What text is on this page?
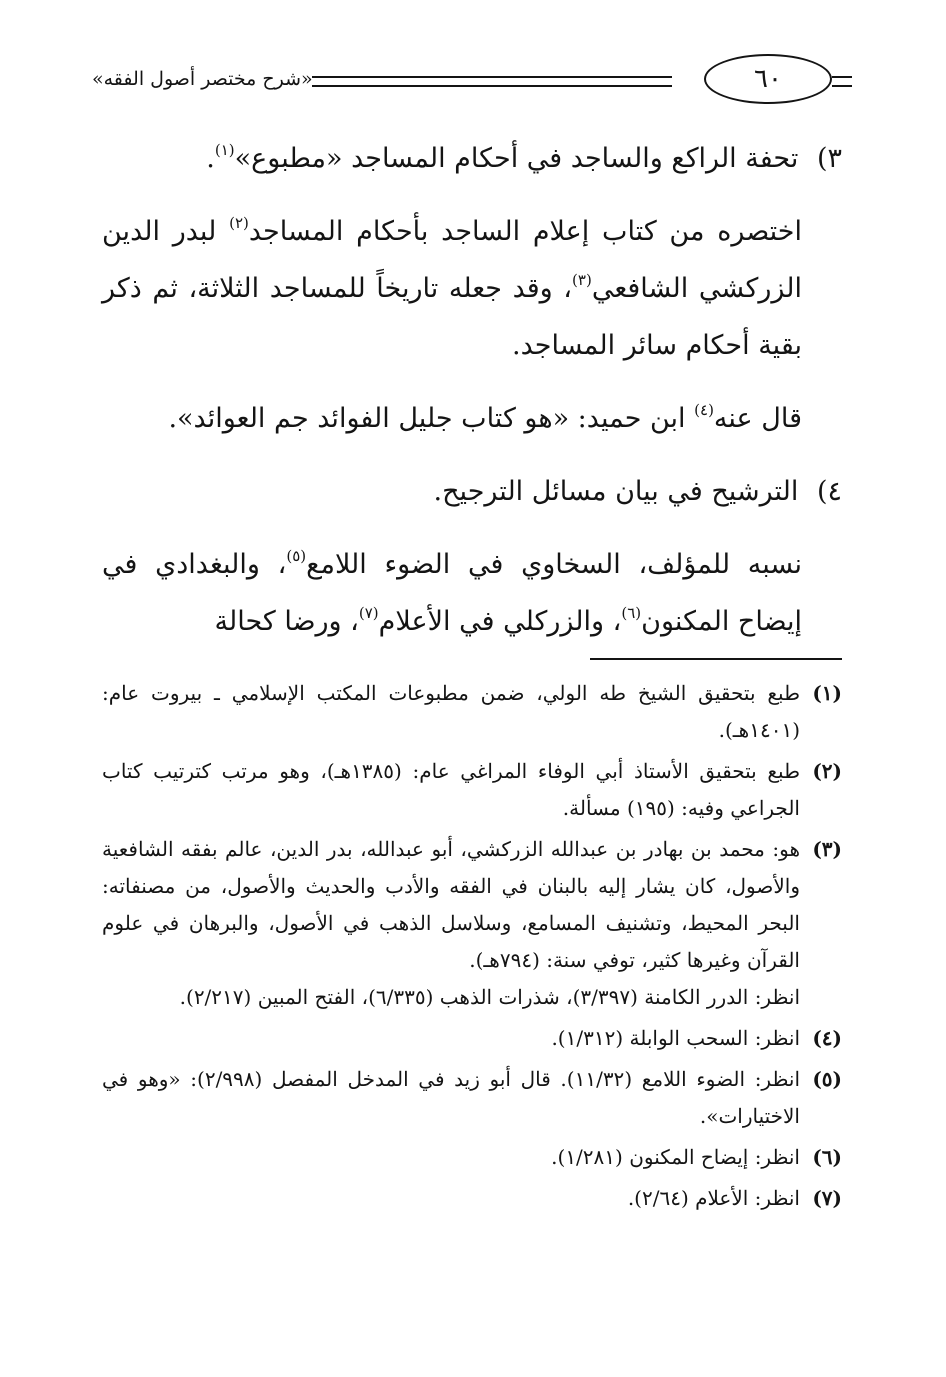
«شرح مختصر أصول الفقه»	٦٠

٣) تحفة الراكع والساجد في أحكام المساجد «مطبوع»$^{(١)}$.

اختصره من كتاب إعلام الساجد بأحكام المساجد$^{(٢)}$ لبدر الدين الزركشي الشافعي$^{(٣)}$، وقد جعله تاريخاً للمساجد الثلاثة، ثم ذكر بقية أحكام سائر المساجد.

قال عنه$^{(٤)}$ ابن حميد: «هو كتاب جليل الفوائد جم العوائد».

٤) الترشيح في بيان مسائل الترجيح.

نسبه للمؤلف، السخاوي في الضوء اللامع$^{(٥)}$، والبغدادي في إيضاح المكنون$^{(٦)}$، والزركلي في الأعلام$^{(٧)}$، ورضا كحالة

(١)
طبع بتحقيق الشيخ طه الولي، ضمن مطبوعات المكتب الإسلامي ـ بيروت عام: (١٤٠١هـ).
(٢)
طبع بتحقيق الأستاذ أبي الوفاء المراغي عام: (١٣٨٥هـ)، وهو مرتب كترتيب كتاب الجراعي وفيه: (١٩٥) مسألة.
(٣)
هو: محمد بن بهادر بن عبدالله الزركشي، أبو عبدالله، بدر الدين، عالم بفقه الشافعية والأصول، كان يشار إليه بالبنان في الفقه والأدب والحديث والأصول، من مصنفاته: البحر المحيط، وتشنيف المسامع، وسلاسل الذهب في الأصول، والبرهان في علوم القرآن وغيرها كثير، توفي سنة: (٧٩٤هـ).
انظر: الدرر الكامنة (٣/٣٩٧)، شذرات الذهب (٦/٣٣٥)، الفتح المبين (٢/٢١٧).
(٤)
انظر: السحب الوابلة (١/٣١٢).
(٥)
انظر: الضوء اللامع (١١/٣٢). قال أبو زيد في المدخل المفصل (٢/٩٩٨): «وهو في الاختيارات».
(٦)
انظر: إيضاح المكنون (١/٢٨١).
(٧)
انظر: الأعلام (٢/٦٤).
